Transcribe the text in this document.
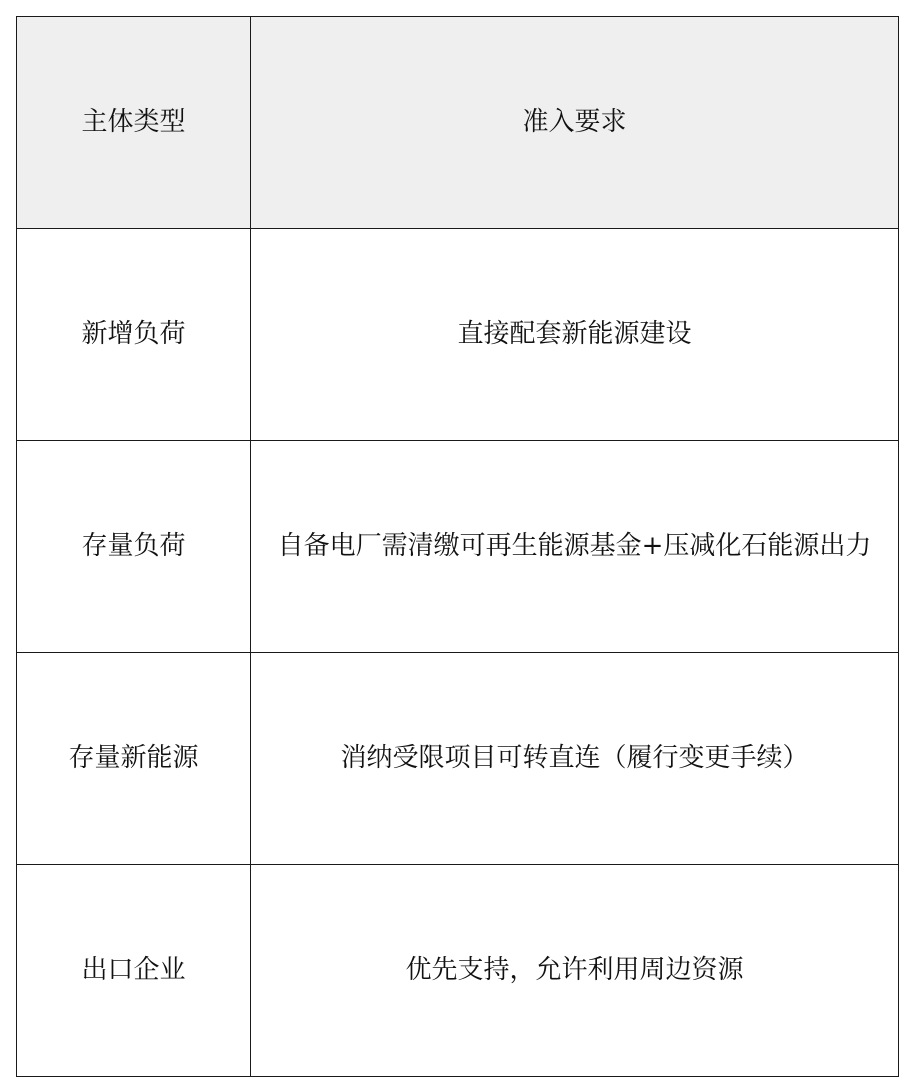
主体类型	准入要求
新增负荷	直接配套新能源建设
存量负荷	自备电厂需清缴可再生能源基金+压减化石能源出力
存量新能源	消纳受限项目可转直连（履行变更手续）
出口企业	优先支持，允许利用周边资源
